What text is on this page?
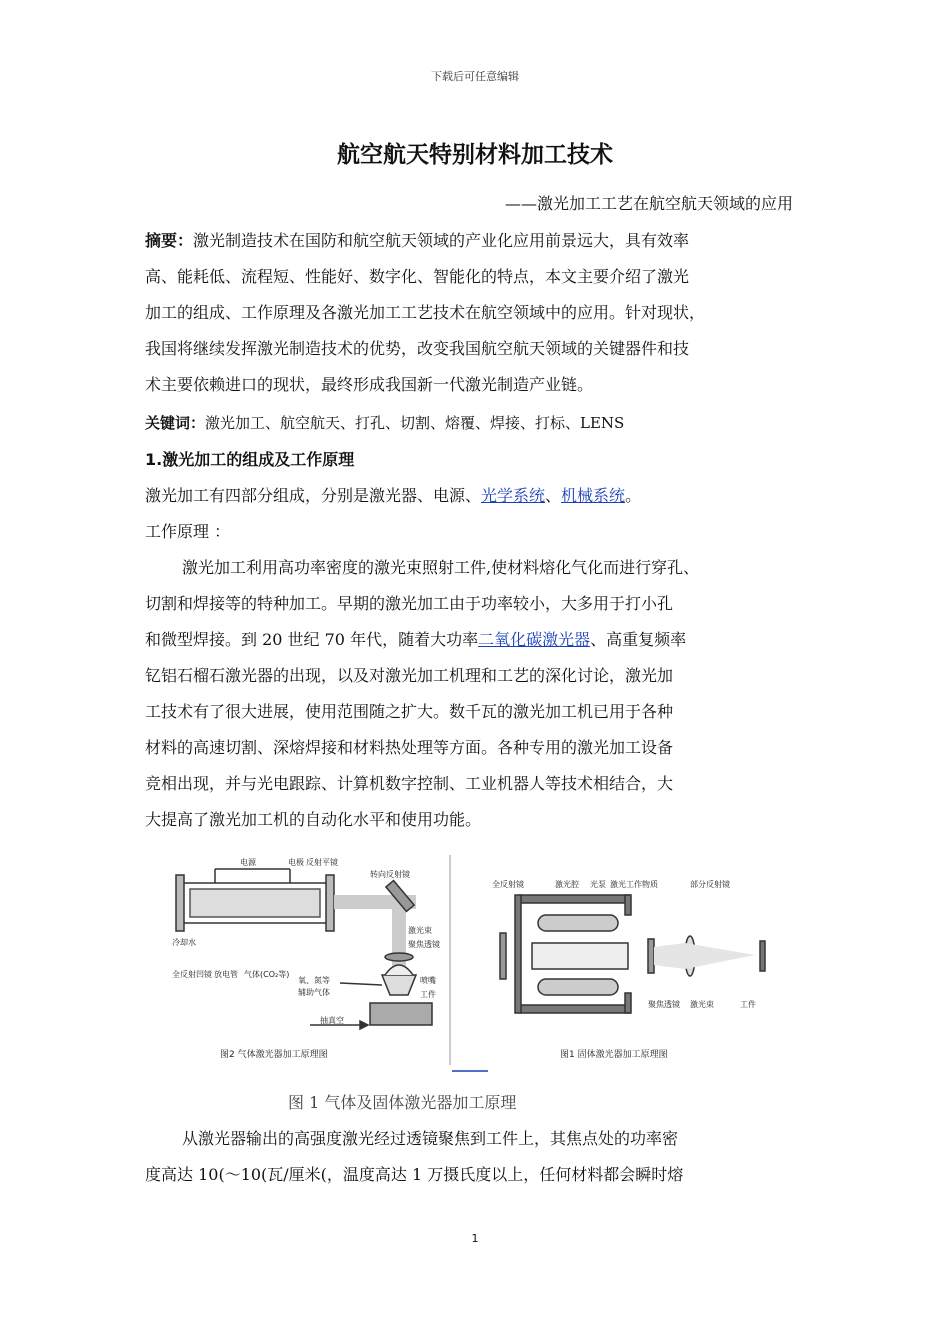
下载后可任意编辑
航空航天特别材料加工技术
——激光加工工艺在航空航天领域的应用
摘要：激光制造技术在国防和航空航天领域的产业化应用前景远大，具有效率
高、能耗低、流程短、性能好、数字化、智能化的特点，本文主要介绍了激光
加工的组成、工作原理及各激光加工工艺技术在航空领域中的应用。针对现状，
我国将继续发挥激光制造技术的优势，改变我国航空航天领域的关键器件和技
术主要依赖进口的现状，最终形成我国新一代激光制造产业链。
关键词：激光加工、航空航天、打孔、切割、熔覆、焊接、打标、LENS
1.激光加工的组成及工作原理
激光加工有四部分组成，分别是激光器、电源、光学系统、机械系统。
工作原理 ：
激光加工利用高功率密度的激光束照射工件,使材料熔化气化而进行穿孔、
切割和焊接等的特种加工。早期的激光加工由于功率较小，大多用于打小孔
和微型焊接。到 20 世纪 70 年代，随着大功率二氧化碳激光器、高重复频率
钇铝石榴石激光器的出现，以及对激光加工机理和工艺的深化讨论，激光加
工技术有了很大进展，使用范围随之扩大。数千瓦的激光加工机已用于各种
材料的高速切割、深熔焊接和材料热处理等方面。各种专用的激光加工设备
竞相出现，并与光电跟踪、计算机数字控制、工业机器人等技术相结合，大
大提高了激光加工机的自动化水平和使用功能。
电源	电极 反射平镜
转向反射镜
激光束
聚焦透镜
冷却水
全反射凹镜 放电管 气体(CO₂等)
氧、氮等
辅助气体
喷嘴
工件
抽真空
图2 气体激光器加工原理图
全反射镜	激光腔 光泵 激光工作物质	部分反射镜
聚焦透镜 激光束	工件
图1 固体激光器加工原理图
图 1 气体及固体激光器加工原理
从激光器输出的高强度激光经过透镜聚焦到工件上，其焦点处的功率密
度高达 10(～10(瓦/厘米(，温度高达 1 万摄氏度以上，任何材料都会瞬时熔
1
